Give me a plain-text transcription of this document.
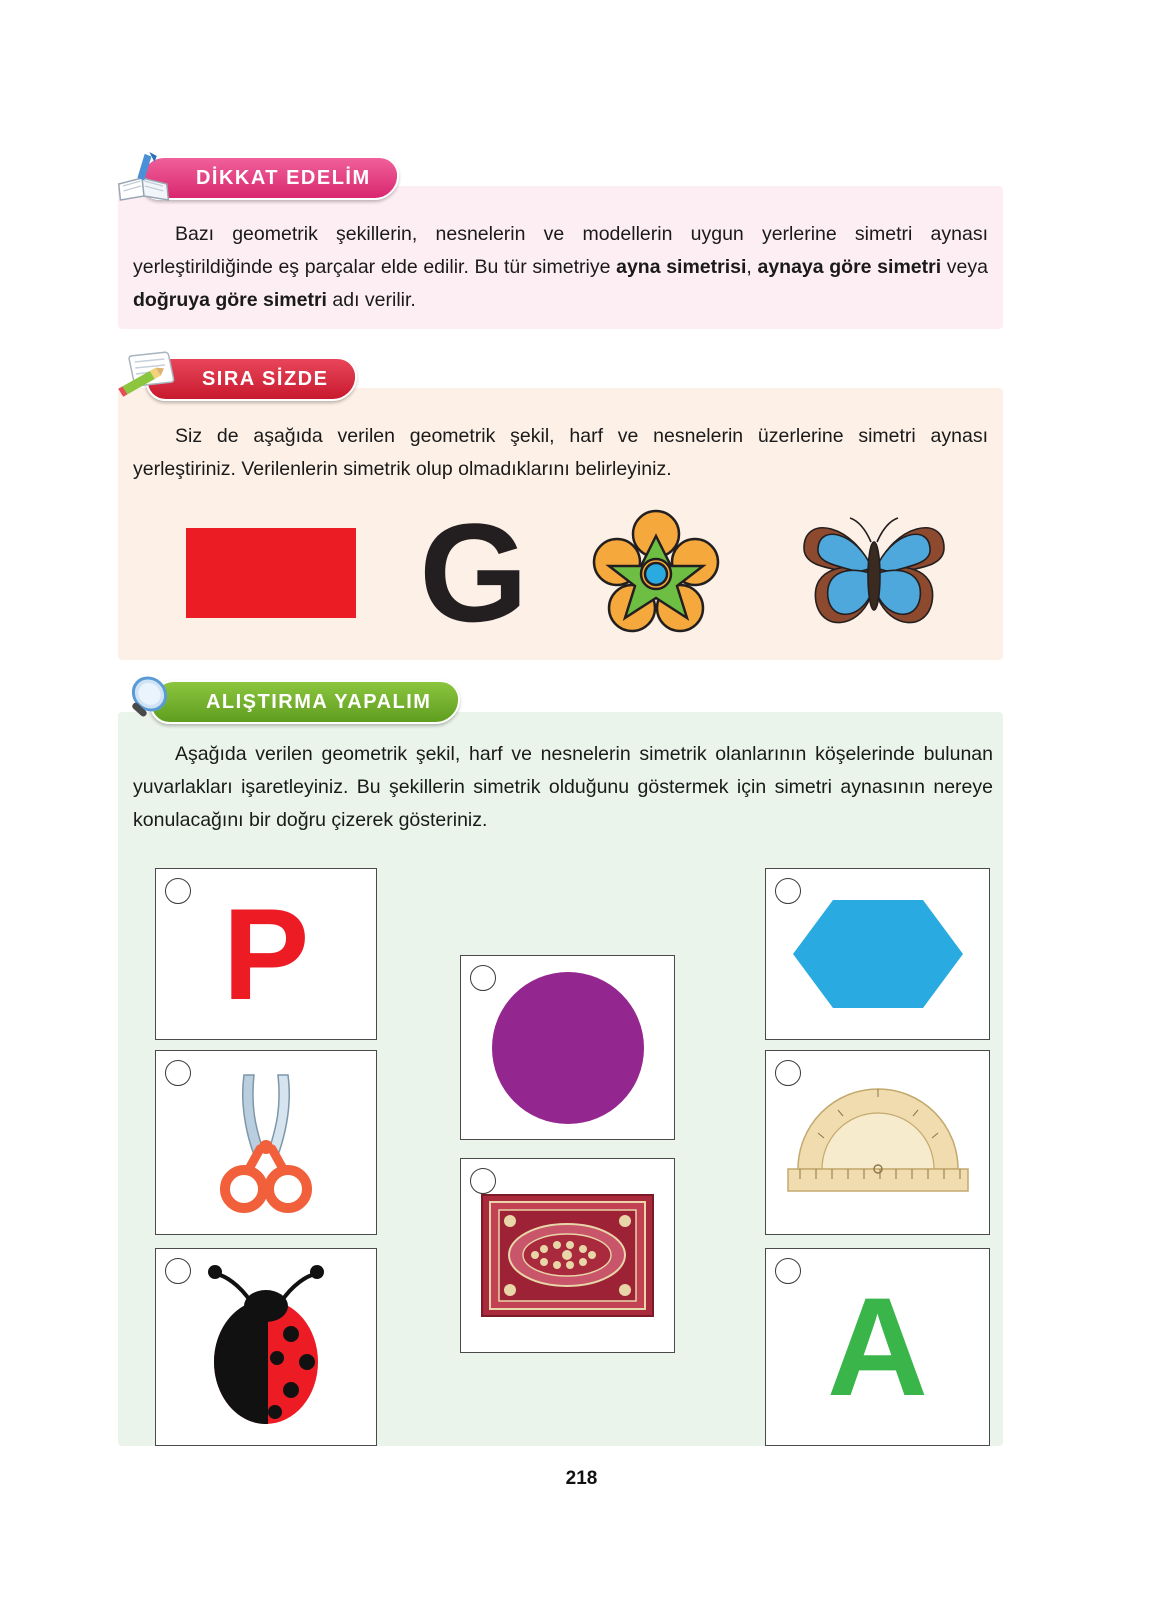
DİKKAT EDELİM

Bazı geometrik şekillerin, nesnelerin ve modellerin uygun yerlerine simetri aynası yerleştirildiğinde eş parçalar elde edilir. Bu tür simetriye ayna simetrisi, aynaya göre simetri veya doğruya göre simetri adı verilir.

SIRA SİZDE

Siz de aşağıda verilen geometrik şekil, harf ve nesnelerin üzerlerine simetri aynası yerleştiriniz. Verilenlerin simetrik olup olmadıklarını belirleyiniz.

G
ALIŞTIRMA YAPALIM

Aşağıda verilen geometrik şekil, harf ve nesnelerin simetrik olanlarının köşelerinde bulunan yuvarlakları işaretleyiniz. Bu şekillerin simetrik olduğunu göstermek için simetri aynasının nereye konulacağını bir doğru çizerek gösteriniz.

P
A
218
